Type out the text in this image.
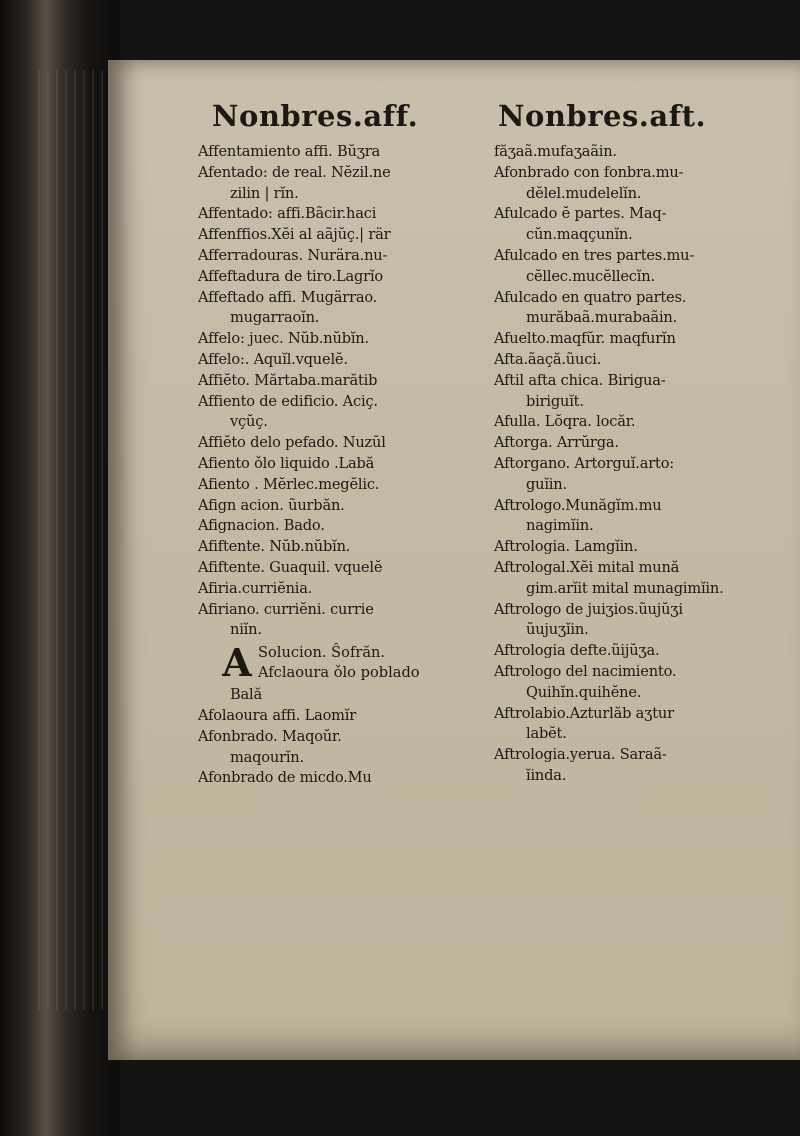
Nonbres.aff.
Affentamiento affi. Bŭʒra
Afentado: de real. Nĕzil.ne
zilin | rĭn.
Affentado: affi.Bãcir.haci
Affenffios.Xĕi al aãjŭç.| rär
Afferradouras. Nurära.nu-
Affeftadura de tiro.Lagrĭo
Affeftado affi. Mugärrao.
mugarraoĭn.
Affelo: juec. Nŭb.nŭbĭn.
Affelo:. Aquĭl.vquelĕ.
Affiĕto. Mărtaba.marătib
Affiento de edificio. Aciç.
vçŭç.
Affiĕto delo pefado. Nuzŭl
Afiento ǒlo liquido .Labă
Afiento . Mĕrlec.megĕlic.
Afign acion. ũurbăn.
Afignacion. Bado.
Afiftente. Nŭb.nŭbĭn.
Afiftente. Guaquil. vquelĕ
Afiria.curriĕnia.
Afiriano. curriĕni. currie
niĭn.
A Solucion. Ŝofrăn.
Afclaoura ǒlo poblado
Bală
Afolaoura affi. Laomĭr
Afonbrado. Maqoŭr.
maqourĭn.
Afonbrado de micdo.Mu
Nonbres.aft.
făʒaã.mufaʒaãin.
Afonbrado con fonbra.mu-
dĕlel.mudelelĭn.
Afulcado ĕ partes. Maq-
cŭn.maqçunĭn.
Afulcado en tres partes.mu-
cĕllec.mucĕllecĭn.
Afulcado en quatro partes.
murăbaã.murabaãin.
Afuelto.maqfŭr. maqfurĭn
Afta.ãaçă.ũuci.
Aftil afta chica. Birigua-
biriguĭt.
Afulla. Lŏqra. locăr.
Aftorga. Arrŭrga.
Aftorgano. Artorguĭ.arto:
guĭin.
Aftrologo.Munăgĭm.mu
nagimĭin.
Aftrologia. Lamgĭin.
Aftrologal.Xĕi mital mună
gim.arĭit mital munagimĭin.
Aftrologo de juiʒios.ũujŭʒi
ũujuʒĭin.
Aftrologia defte.ũijŭʒa.
Aftrologo del nacimiento.
Quihĭn.quihĕne.
Aftrolabio.Azturlăb aʒtur
labĕt.
Aftrologia.yerua. Saraã-
ĭinda.
